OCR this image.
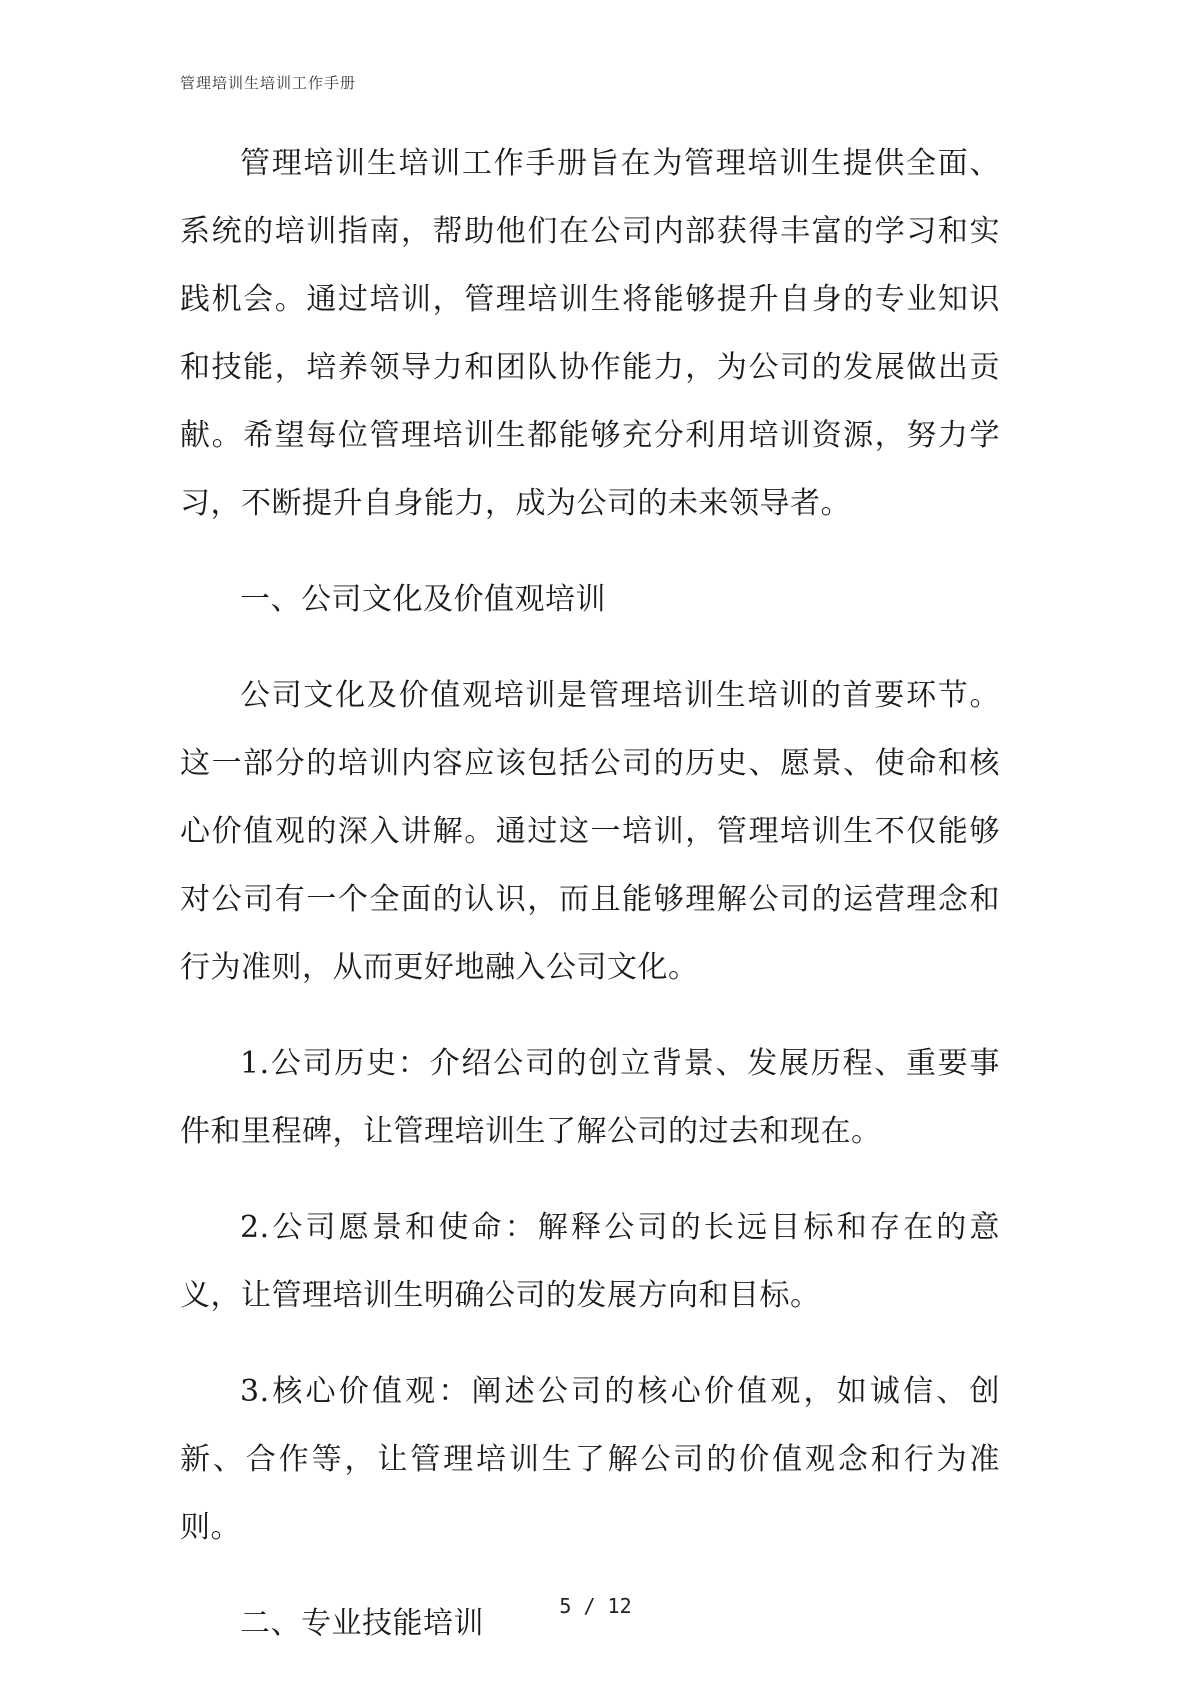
管理培训生培训工作手册

管理培训生培训工作手册旨在为管理培训生提供全面、系统的培训指南，帮助他们在公司内部获得丰富的学习和实践机会。通过培训，管理培训生将能够提升自身的专业知识和技能，培养领导力和团队协作能力，为公司的发展做出贡献。希望每位管理培训生都能够充分利用培训资源，努力学习，不断提升自身能力，成为公司的未来领导者。

一、公司文化及价值观培训

公司文化及价值观培训是管理培训生培训的首要环节。这一部分的培训内容应该包括公司的历史、愿景、使命和核心价值观的深入讲解。通过这一培训，管理培训生不仅能够对公司有一个全面的认识，而且能够理解公司的运营理念和行为准则，从而更好地融入公司文化。

1.公司历史：介绍公司的创立背景、发展历程、重要事件和里程碑，让管理培训生了解公司的过去和现在。

2.公司愿景和使命：解释公司的长远目标和存在的意义，让管理培训生明确公司的发展方向和目标。

3.核心价值观：阐述公司的核心价值观，如诚信、创新、合作等，让管理培训生了解公司的价值观念和行为准则。

二、专业技能培训	5 / 12
